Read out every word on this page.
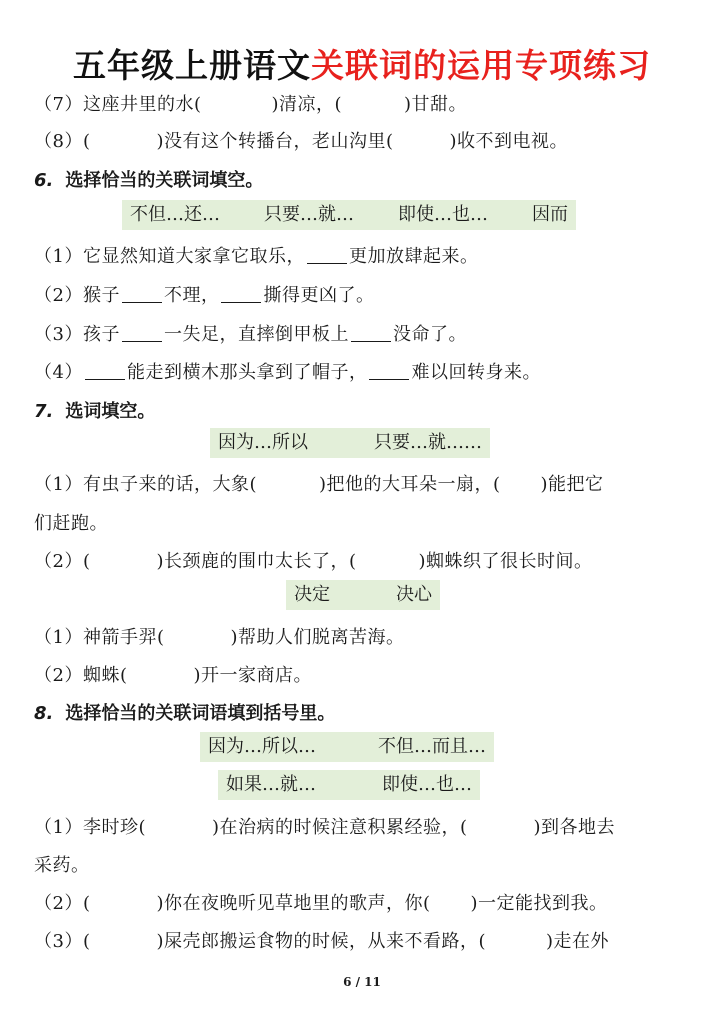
五年级上册语文关联词的运用专项练习
（7）这座井里的水(	)清凉，(	)甘甜。
（8）(	)没有这个转播台，老山沟里(	)收不到电视。
6. 选择恰当的关联词填空。
不但…还… 只要…就… 即使…也… 因而
（1）它显然知道大家拿它取乐， 更加放肆起来。
（2）猴子 不理， 撕得更凶了。
（3）孩子 一失足，直摔倒甲板上 没命了。
（4） 能走到横木那头拿到了帽子， 难以回转身来。
7. 选词填空。
因为…所以	只要…就……
（1）有虫子来的话，大象(	)把他的大耳朵一扇，( )能把它
们赶跑。
（2）(	)长颈鹿的围巾太长了，(	)蜘蛛织了很长时间。
决定	决心
（1）神箭手羿(	)帮助人们脱离苦海。
（2）蜘蛛(	)开一家商店。
8. 选择恰当的关联词语填到括号里。
因为…所以…	不但…而且…
如果…就…	即使…也…
（1）李时珍(	)在治病的时候注意积累经验，(	)到各地去
采药。
（2）(	)你在夜晚听见草地里的歌声，你( )一定能找到我。
（3）(	)屎壳郎搬运食物的时候，从来不看路，(	)走在外
6 / 11
